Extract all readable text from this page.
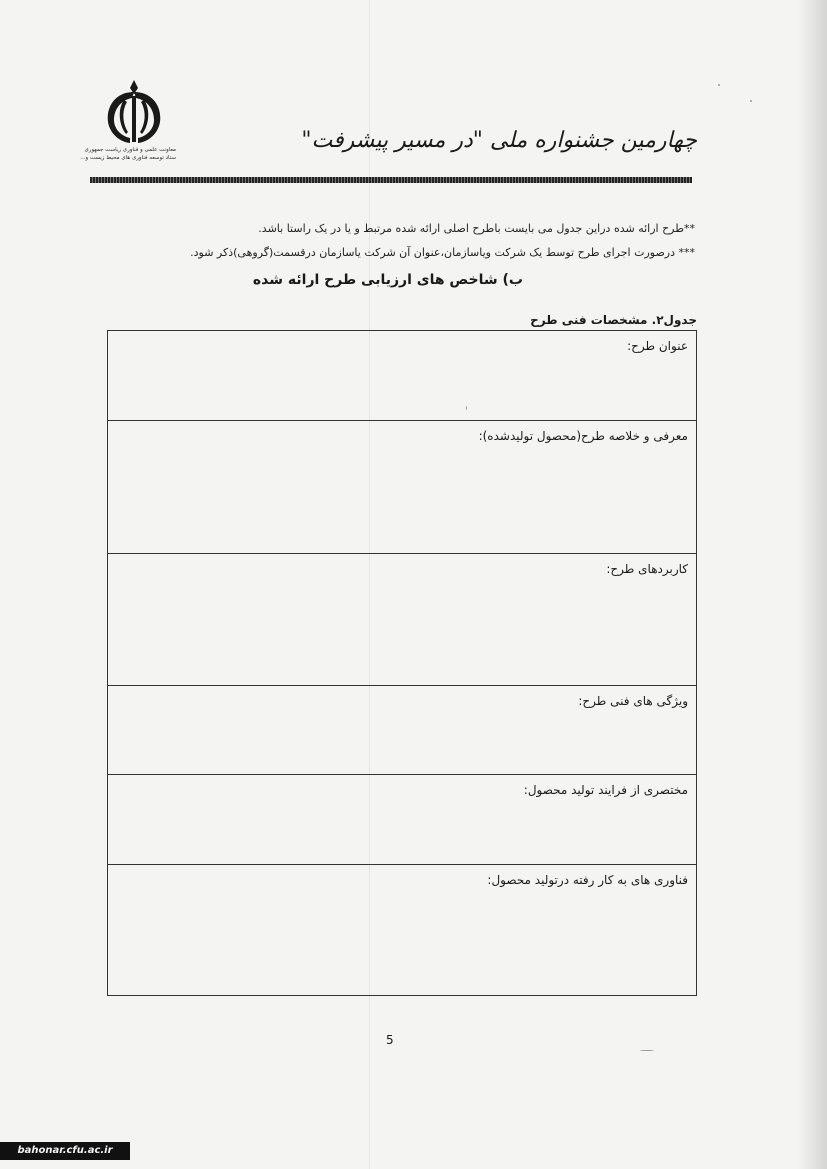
معاونت علمی و فناوری ریاست جمهوری
ستاد توسعه فناوری های محیط زیست و...
چهارمین جشنواره ملی "در مسیر پیشرفت"
**طرح ارائه شده دراین جدول می بایست باطرح اصلی ارائه شده مرتبط و یا در یک راستا باشد.
*** درصورت اجرای طرح توسط یک شرکت ویاسازمان،عنوان آن شرکت یاسازمان درقسمت(گروهی)ذکر شود.
ب) شاخص های ارزیابی طرح ارائه شده
جدول۲. مشخصات فنی طرح
عنوان طرح:
معرفی و خلاصه طرح(محصول تولیدشده):
کاربردهای طرح:
ویژگی های فنی طرح:
مختصری از فرایند تولید محصول:
فناوری های به کار رفته درتولید محصول:
5
bahonar.cfu.ac.ir
